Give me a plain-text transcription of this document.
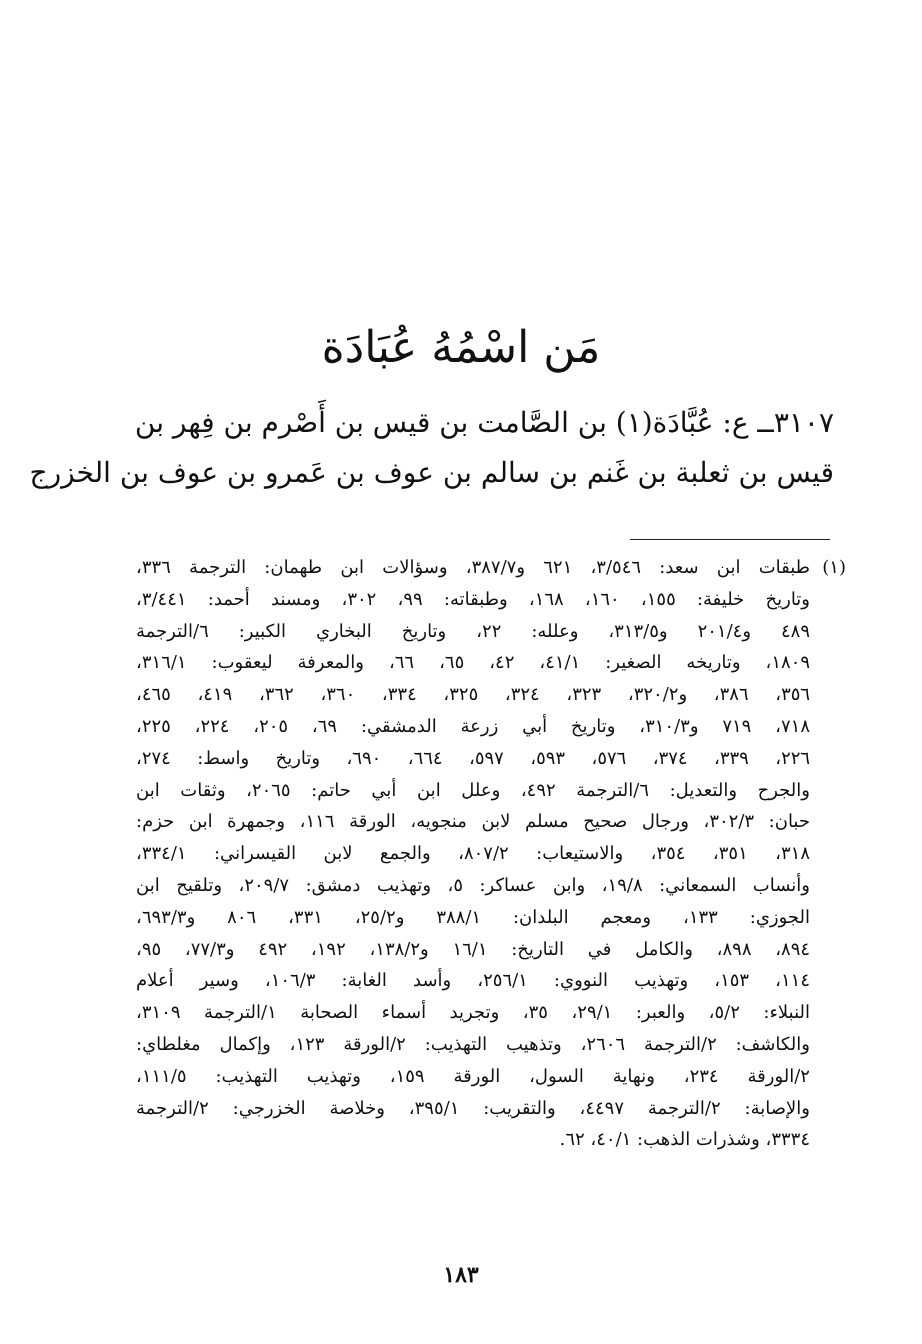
مَن اسْمُهُ عُبَادَة
٣١٠٧ــ ع: عُبَّادَة(١) بن الصَّامت بن قيس بن أَصْرم بن فِهر بن
قيس بن ثعلبة بن غَنم بن سالم بن عوف بن عَمرو بن عوف بن الخزرج
(١)
طبقات ابن سعد: ٣/٥٤٦، ٦٢١ و٣٨٧/٧، وسؤالات ابن طهمان: الترجمة ٣٣٦،
وتاريخ خليفة: ١٥٥، ١٦٠، ١٦٨، وطبقاته: ٩٩، ٣٠٢، ومسند أحمد: ٣/٤٤١،
٤٨٩ و٢٠١/٤ و٣١٣/٥، وعلله: ٢٢، وتاريخ البخاري الكبير: ٦/الترجمة
١٨٠٩، وتاريخه الصغير: ٤١/١، ٤٢، ٦٥، ٦٦، والمعرفة ليعقوب: ٣١٦/١،
٣٥٦، ٣٨٦، و٣٢٠/٢، ٣٢٣، ٣٢٤، ٣٢٥، ٣٣٤، ٣٦٠، ٣٦٢، ٤١٩، ٤٦٥،
٧١٨، ٧١٩ و٣١٠/٣، وتاريخ أبي زرعة الدمشقي: ٦٩، ٢٠٥، ٢٢٤، ٢٢٥،
٢٢٦، ٣٣٩، ٣٧٤، ٥٧٦، ٥٩٣، ٥٩٧، ٦٦٤، ٦٩٠، وتاريخ واسط: ٢٧٤،
والجرح والتعديل: ٦/الترجمة ٤٩٢، وعلل ابن أبي حاتم: ٢٠٦٥، وثقات ابن
حبان: ٣٠٢/٣، ورجال صحيح مسلم لابن منجويه، الورقة ١١٦، وجمهرة ابن حزم:
٣١٨، ٣٥١، ٣٥٤، والاستيعاب: ٨٠٧/٢، والجمع لابن القيسراني: ٣٣٤/١،
وأنساب السمعاني: ١٩/٨، وابن عساكر: ٥، وتهذيب دمشق: ٢٠٩/٧، وتلقيح ابن
الجوزي: ١٣٣، ومعجم البلدان: ٣٨٨/١ و٢٥/٢، ٣٣١، ٨٠٦ و٦٩٣/٣،
٨٩٤، ٨٩٨، والكامل في التاريخ: ١٦/١ و١٣٨/٢، ١٩٢، ٤٩٢ و٧٧/٣، ٩٥،
١١٤، ١٥٣، وتهذيب النووي: ٢٥٦/١، وأسد الغابة: ١٠٦/٣، وسير أعلام
النبلاء: ٥/٢، والعبر: ٢٩/١، ٣٥، وتجريد أسماء الصحابة ١/الترجمة ٣١٠٩،
والكاشف: ٢/الترجمة ٢٦٠٦، وتذهيب التهذيب: ٢/الورقة ١٢٣، وإكمال مغلطاي:
٢/الورقة ٢٣٤، ونهاية السول، الورقة ١٥٩، وتهذيب التهذيب: ١١١/٥،
والإصابة: ٢/الترجمة ٤٤٩٧، والتقريب: ٣٩٥/١، وخلاصة الخزرجي: ٢/الترجمة
٣٣٣٤، وشذرات الذهب: ٤٠/١، ٦٢.
١٨٣
